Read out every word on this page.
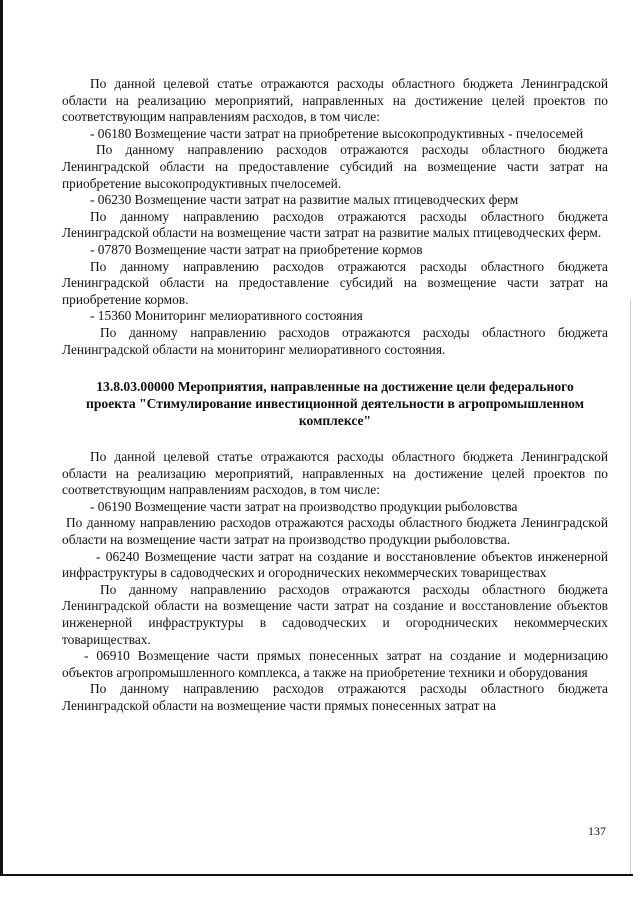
По данной целевой статье отражаются расходы областного бюджета Ленинградской области на реализацию мероприятий, направленных на достижение целей проектов по соответствующим направлениям расходов, в том числе:

- 06180 Возмещение части затрат на приобретение высокопродуктивных - пчелосемей

По данному направлению расходов отражаются расходы областного бюджета Ленинградской области на предоставление субсидий на возмещение части затрат на приобретение высокопродуктивных пчелосемей.

- 06230 Возмещение части затрат на развитие малых птицеводческих ферм

По данному направлению расходов отражаются расходы областного бюджета Ленинградской области на возмещение части затрат на развитие малых птицеводческих ферм.

- 07870 Возмещение части затрат на приобретение кормов

По данному направлению расходов отражаются расходы областного бюджета Ленинградской области на предоставление субсидий на возмещение части затрат на приобретение кормов.

- 15360 Мониторинг мелиоративного состояния

По данному направлению расходов отражаются расходы областного бюджета Ленинградской области на мониторинг мелиоративного состояния.

13.8.03.00000 Мероприятия, направленные на достижение цели федерального проекта "Стимулирование инвестиционной деятельности в агропромышленном комплексе"

По данной целевой статье отражаются расходы областного бюджета Ленинградской области на реализацию мероприятий, направленных на достижение целей проектов по соответствующим направлениям расходов, в том числе:

- 06190 Возмещение части затрат на производство продукции рыболовства

По данному направлению расходов отражаются расходы областного бюджета Ленинградской области на возмещение части затрат на производство продукции рыболовства.

- 06240 Возмещение части затрат на создание и восстановление объектов инженерной инфраструктуры в садоводческих и огороднических некоммерческих товариществах

По данному направлению расходов отражаются расходы областного бюджета Ленинградской области на возмещение части затрат на создание и восстановление объектов инженерной инфраструктуры в садоводческих и огороднических некоммерческих товариществах.

- 06910 Возмещение части прямых понесенных затрат на создание и модернизацию объектов агропромышленного комплекса, а также на приобретение техники и оборудования

По данному направлению расходов отражаются расходы областного бюджета Ленинградской области на возмещение части прямых понесенных затрат на

137
